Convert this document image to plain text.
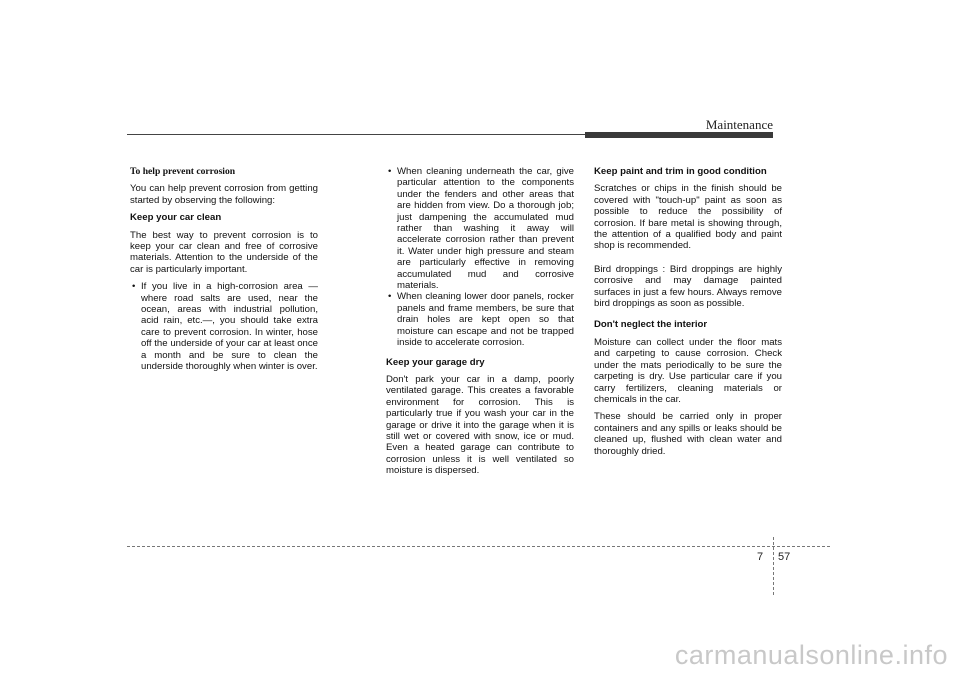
Maintenance

To help prevent corrosion

You can help prevent corrosion from getting started by observing the following:

Keep your car clean

The best way to prevent corrosion is to keep your car clean and free of corrosive materials. Attention to the underside of the car is particularly important.

• If you live in a high-corrosion area — where road salts are used, near the ocean, areas with industrial pollution, acid rain, etc.—, you should take extra care to prevent corrosion. In winter, hose off the underside of your car at least once a month and be sure to clean the underside thoroughly when winter is over.
• When cleaning underneath the car, give particular attention to the components under the fenders and other areas that are hidden from view. Do a thorough job; just dampening the accumulated mud rather than washing it away will accelerate corrosion rather than prevent it. Water under high pressure and steam are particularly effective in removing accumulated mud and corrosive materials.
• When cleaning lower door panels, rocker panels and frame members, be sure that drain holes are kept open so that moisture can escape and not be trapped inside to accelerate corrosion.

Keep your garage dry

Don't park your car in a damp, poorly ventilated garage. This creates a favorable environment for corrosion. This is particularly true if you wash your car in the garage or drive it into the garage when it is still wet or covered with snow, ice or mud. Even a heated garage can contribute to corrosion unless it is well ventilated so moisture is dispersed.

Keep paint and trim in good condition

Scratches or chips in the finish should be covered with "touch-up" paint as soon as possible to reduce the possibility of corrosion. If bare metal is showing through, the attention of a qualified body and paint shop is recommended.

Bird droppings : Bird droppings are highly corrosive and may damage painted surfaces in just a few hours. Always remove bird droppings as soon as possible.

Don't neglect the interior

Moisture can collect under the floor mats and carpeting to cause corrosion. Check under the mats periodically to be sure the carpeting is dry. Use particular care if you carry fertilizers, cleaning materials or chemicals in the car.

These should be carried only in proper containers and any spills or leaks should be cleaned up, flushed with clean water and thoroughly dried.

7 57
carmanualsonline.info
